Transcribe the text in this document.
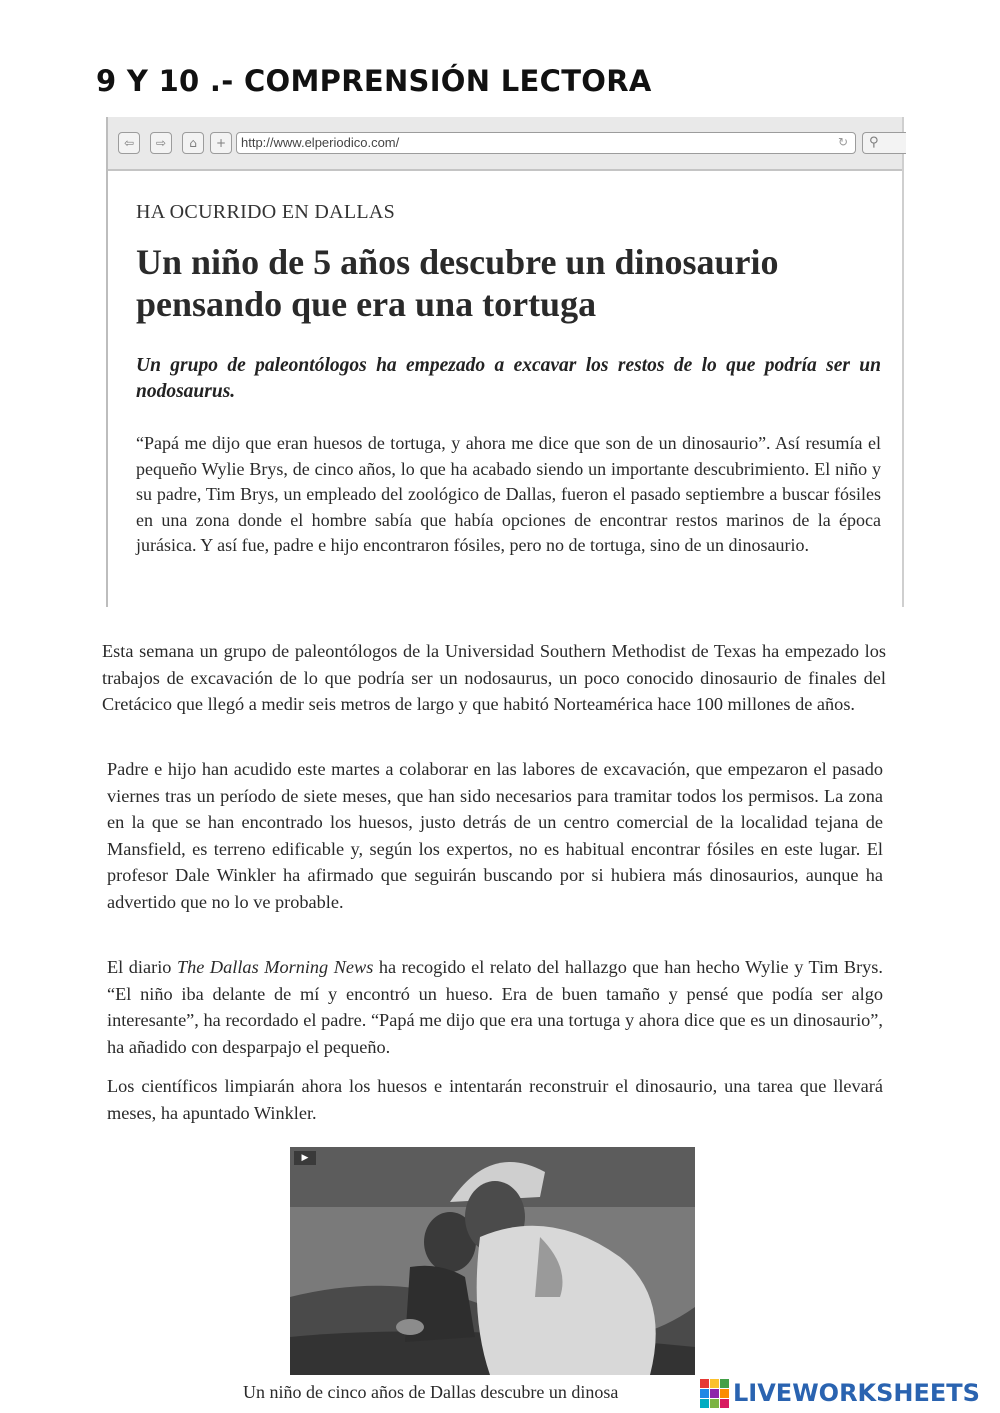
9 Y 10 .- COMPRENSIÓN LECTORA
⇦	⇨	⌂	+	http://www.elperiodico.com/	↻	⚲
HA OCURRIDO EN DALLAS
Un niño de 5 años descubre un dinosaurio pensando que era una tortuga
Un grupo de paleontólogos ha empezado a excavar los restos de lo que podría ser un nodosaurus.
“Papá me dijo que eran huesos de tortuga, y ahora me dice que son de un dinosaurio”. Así resumía el pequeño Wylie Brys, de cinco años, lo que ha acabado siendo un importante descubrimiento. El niño y su padre, Tim Brys, un empleado del zoológico de Dallas, fueron el pasado septiembre a buscar fósiles en una zona donde el hombre sabía que había opciones de encontrar restos marinos de la época jurásica. Y así fue, padre e hijo encontraron fósiles, pero no de tortuga, sino de un dinosaurio.
Esta semana un grupo de paleontólogos de la Universidad Southern Methodist de Texas ha empezado los trabajos de excavación de lo que podría ser un nodosaurus, un poco conocido dinosaurio de finales del Cretácico que llegó a medir seis metros de largo y que habitó Norteamérica hace 100 millones de años.
Padre e hijo han acudido este martes a colaborar en las labores de excavación, que empezaron el pasado viernes tras un período de siete meses, que han sido necesarios para tramitar todos los permisos. La zona en la que se han encontrado los huesos, justo detrás de un centro comercial de la localidad tejana de Mansfield, es terreno edificable y, según los expertos, no es habitual encontrar fósiles en este lugar. El profesor Dale Winkler ha afirmado que seguirán buscando por si hubiera más dinosaurios, aunque ha advertido que no lo ve probable.
El diario The Dallas Morning News ha recogido el relato del hallazgo que han hecho Wylie y Tim Brys. “El niño iba delante de mí y encontró un hueso. Era de buen tamaño y pensé que podía ser algo interesante”, ha recordado el padre. “Papá me dijo que era una tortuga y ahora dice que es un dinosaurio”, ha añadido con desparpajo el pequeño.
Los científicos limpiarán ahora los huesos e intentarán reconstruir el dinosaurio, una tarea que llevará meses, ha apuntado Winkler.
▶
Un niño de cinco años de Dallas descubre un dinosa	LIVEWORKSHEETS
